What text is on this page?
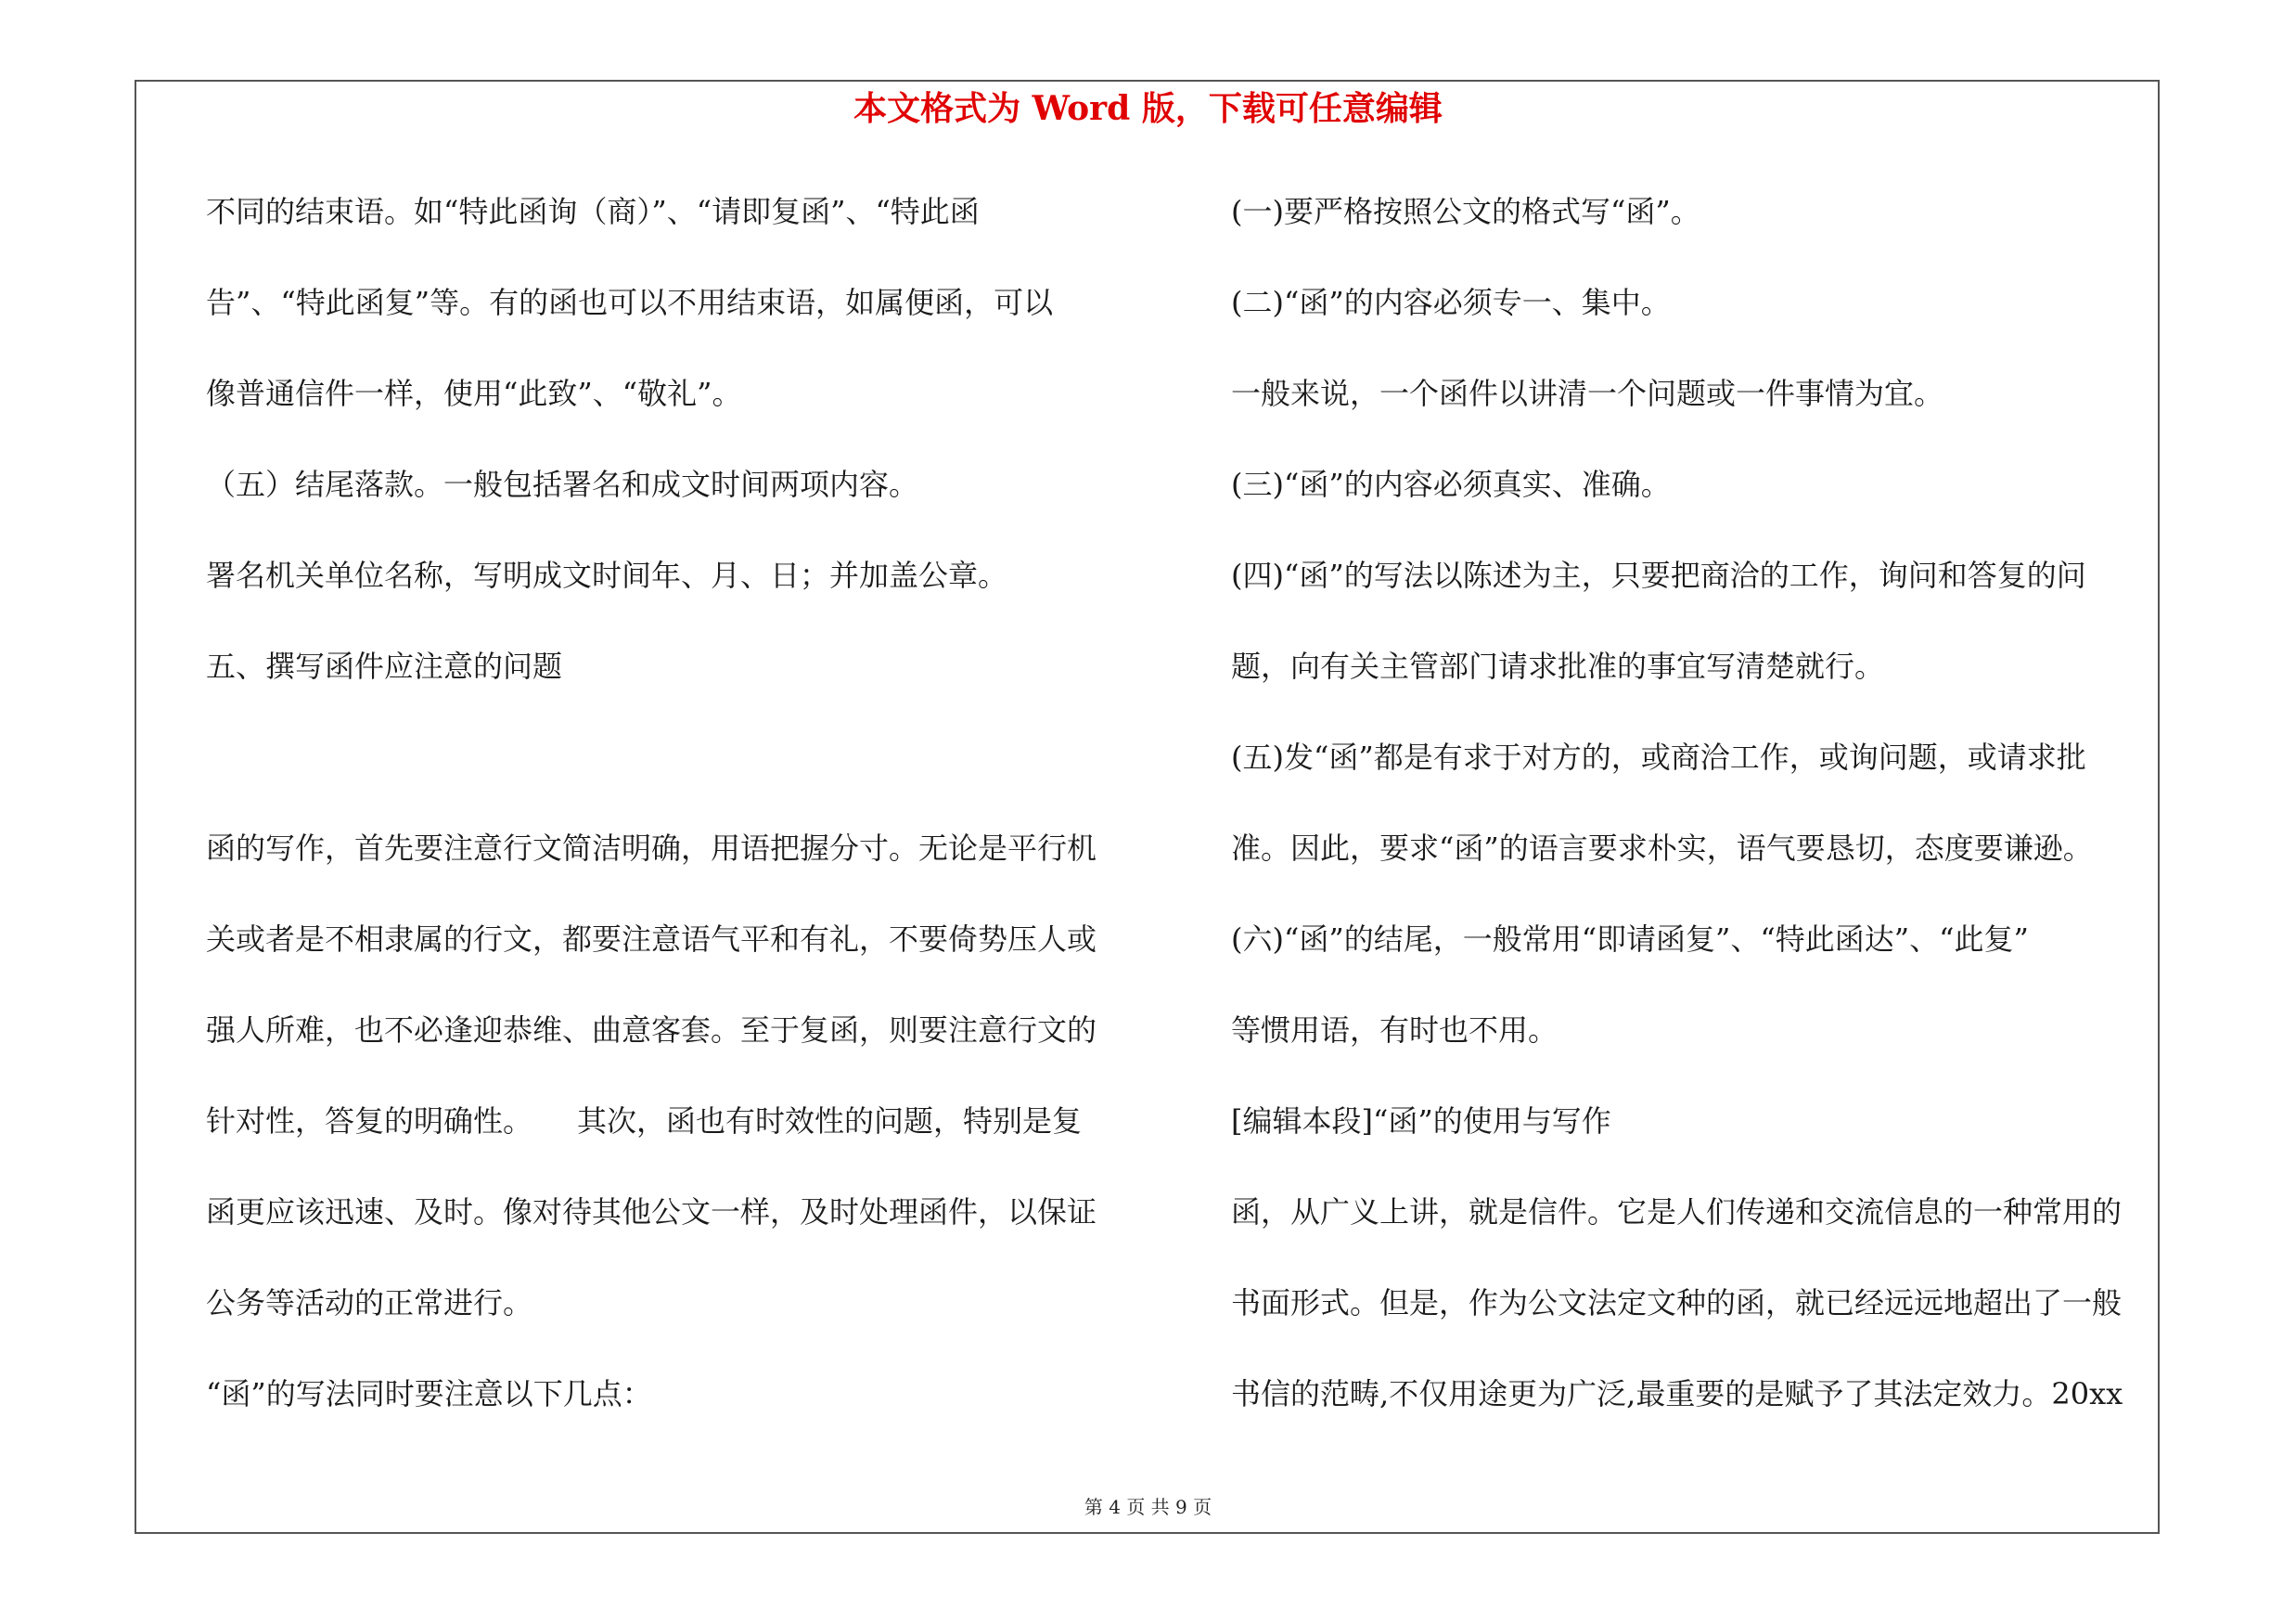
本文格式为 Word 版，下载可任意编辑
不同的结束语。如“特此函询（商）”、“请即复函”、“特此函
告”、“特此函复”等。有的函也可以不用结束语，如属便函，可以
像普通信件一样，使用“此致”、“敬礼”。
（五）结尾落款。一般包括署名和成文时间两项内容。
署名机关单位名称，写明成文时间年、月、日；并加盖公章。
五、撰写函件应注意的问题
函的写作，首先要注意行文简洁明确，用语把握分寸。无论是平行机
关或者是不相隶属的行文，都要注意语气平和有礼，不要倚势压人或
强人所难，也不必逢迎恭维、曲意客套。至于复函，则要注意行文的
针对性，答复的明确性。　　其次，函也有时效性的问题，特别是复
函更应该迅速、及时。像对待其他公文一样，及时处理函件，以保证
公务等活动的正常进行。
“函”的写法同时要注意以下几点：
(一)要严格按照公文的格式写“函”。
(二)“函”的内容必须专一、集中。
一般来说，一个函件以讲清一个问题或一件事情为宜。
(三)“函”的内容必须真实、准确。
(四)“函”的写法以陈述为主，只要把商洽的工作，询问和答复的问
题，向有关主管部门请求批准的事宜写清楚就行。
(五)发“函”都是有求于对方的，或商洽工作，或询问题，或请求批
准。因此，要求“函”的语言要求朴实，语气要恳切，态度要谦逊。
(六)“函”的结尾，一般常用“即请函复”、“特此函达”、“此复”
等惯用语，有时也不用。
[编辑本段]“函”的使用与写作
函，从广义上讲，就是信件。它是人们传递和交流信息的一种常用的
书面形式。但是，作为公文法定文种的函，就已经远远地超出了一般
书信的范畴,不仅用途更为广泛,最重要的是赋予了其法定效力。20xx
第 4 页 共 9 页
